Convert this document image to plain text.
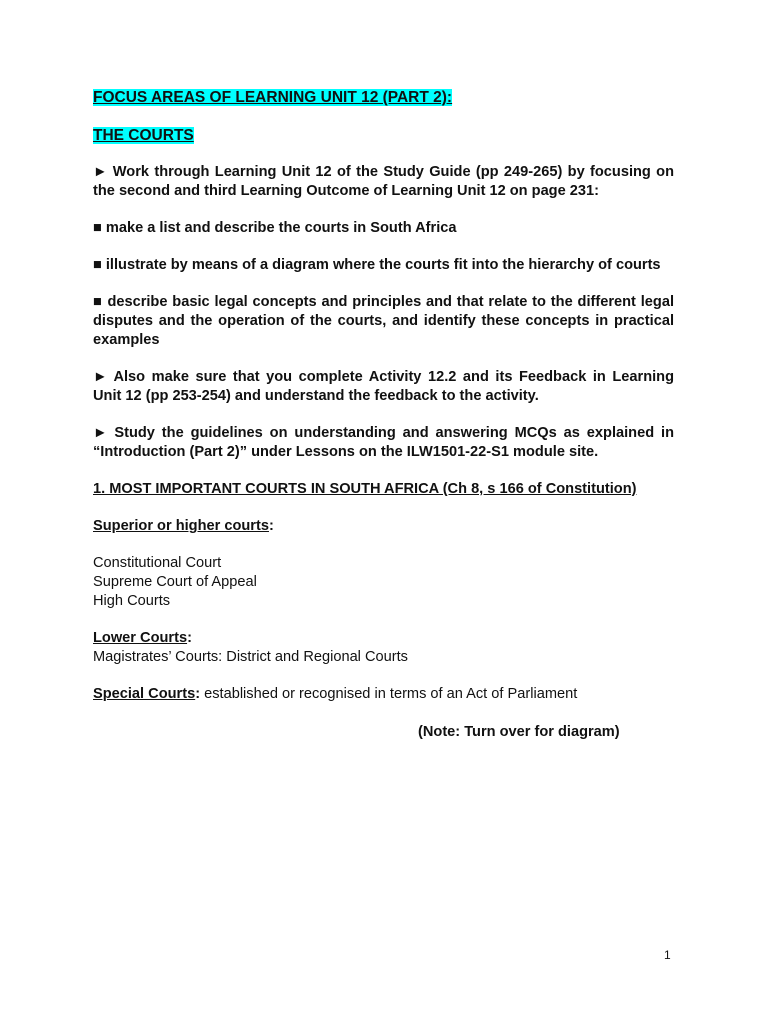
FOCUS AREAS OF LEARNING UNIT 12 (PART 2):

THE COURTS

► Work through Learning Unit 12 of the Study Guide (pp 249-265) by focusing on the second and third Learning Outcome of Learning Unit 12 on page 231:

■ make a list and describe the courts in South Africa

■ illustrate by means of a diagram where the courts fit into the hierarchy of courts

■ describe basic legal concepts and principles and that relate to the different legal disputes and the operation of the courts, and identify these concepts in practical examples

► Also make sure that you complete Activity 12.2 and its Feedback in Learning Unit 12 (pp 253-254) and understand the feedback to the activity.

► Study the guidelines on understanding and answering MCQs as explained in “Introduction (Part 2)” under Lessons on the ILW1501-22-S1 module site.

1. MOST IMPORTANT COURTS IN SOUTH AFRICA (Ch 8, s 166 of Constitution)

Superior or higher courts:

Constitutional Court

Supreme Court of Appeal

High Courts

Lower Courts:

Magistrates’ Courts: District and Regional Courts

Special Courts: established or recognised in terms of an Act of Parliament

(Note: Turn over for diagram)

1
